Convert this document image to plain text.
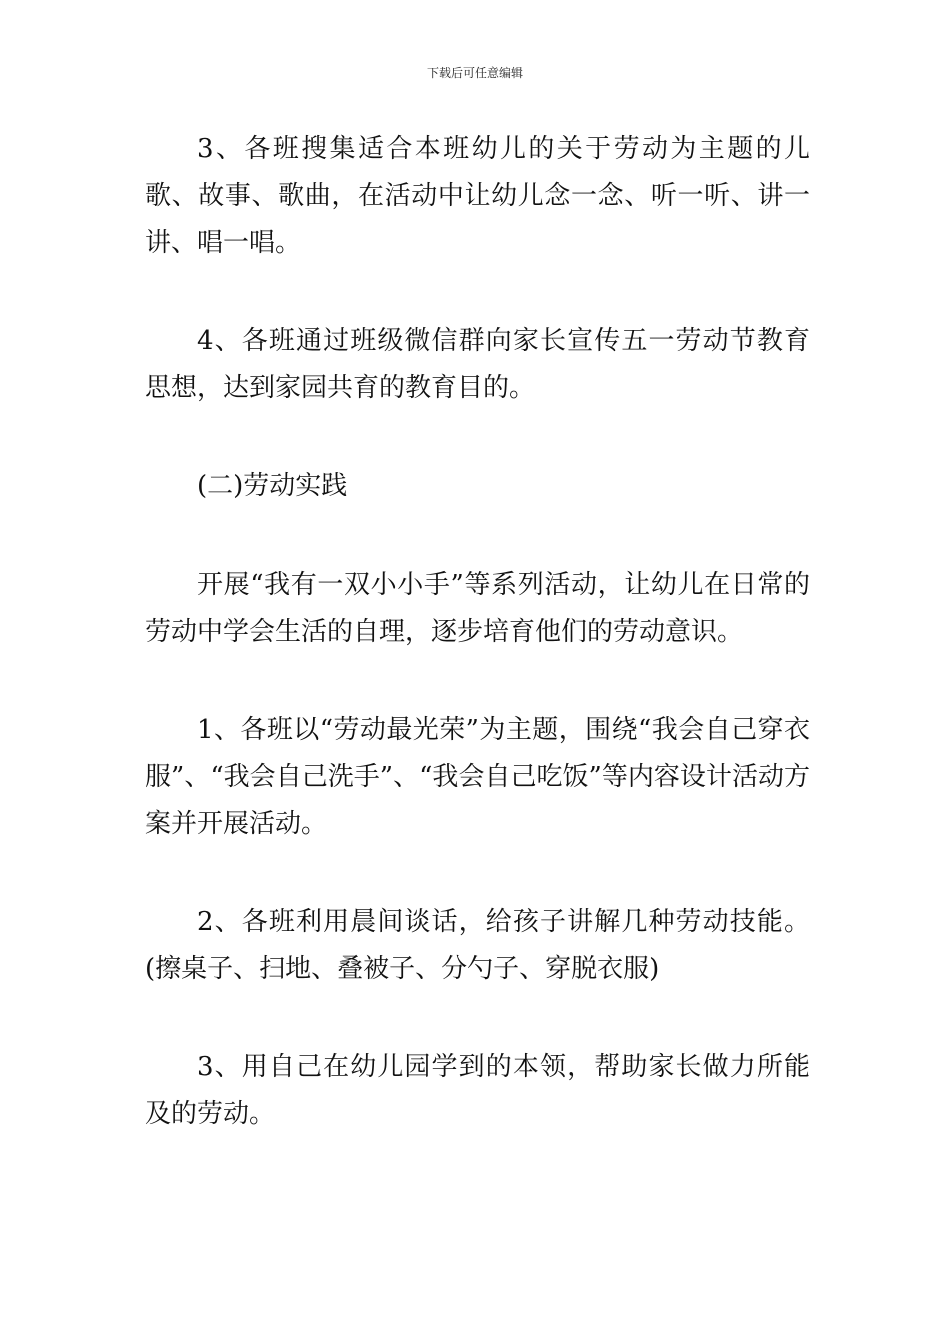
下载后可任意编辑

3、各班搜集适合本班幼儿的关于劳动为主题的儿歌、故事、歌曲，在活动中让幼儿念一念、听一听、讲一讲、唱一唱。

4、各班通过班级微信群向家长宣传五一劳动节教育思想，达到家园共育的教育目的。

(二)劳动实践

开展“我有一双小小手”等系列活动，让幼儿在日常的劳动中学会生活的自理，逐步培育他们的劳动意识。

1、各班以“劳动最光荣”为主题，围绕“我会自己穿衣服”、“我会自己洗手”、“我会自己吃饭”等内容设计活动方案并开展活动。

2、各班利用晨间谈话，给孩子讲解几种劳动技能。(擦桌子、扫地、叠被子、分勺子、穿脱衣服)

3、用自己在幼儿园学到的本领，帮助家长做力所能及的劳动。
